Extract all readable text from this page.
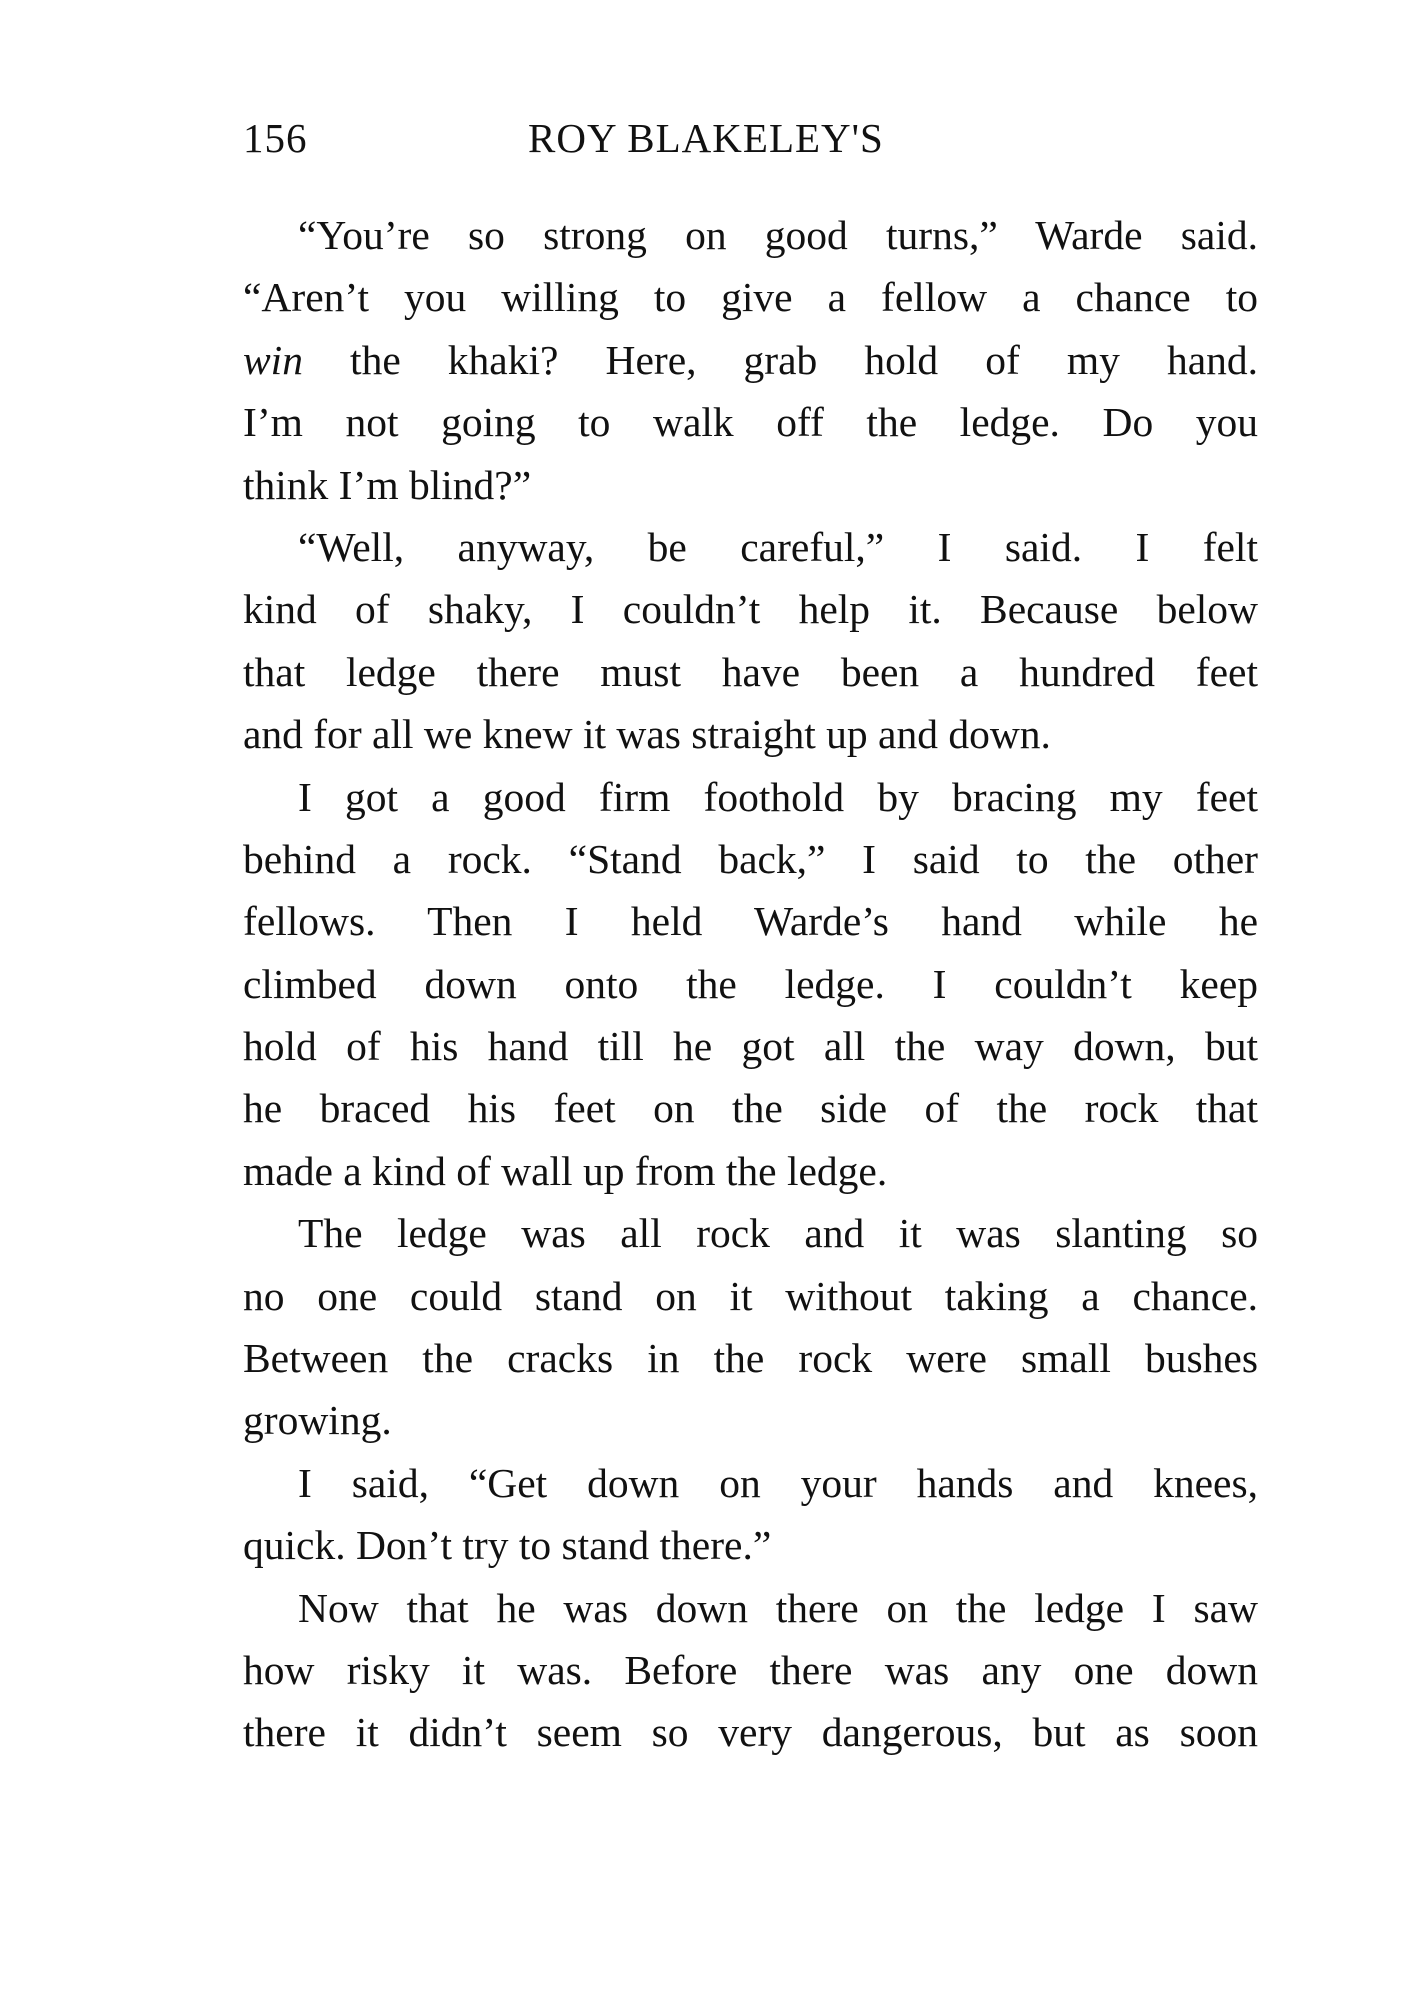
156	ROY BLAKELEY'S
“You’re so strong on good turns,” Warde said.
“Aren’t you willing to give a fellow a chance to
win the khaki? Here, grab hold of my hand.
I’m not going to walk off the ledge. Do you
think I’m blind?”
“Well, anyway, be careful,” I said. I felt
kind of shaky, I couldn’t help it. Because below
that ledge there must have been a hundred feet
and for all we knew it was straight up and down.
I got a good firm foothold by bracing my feet
behind a rock. “Stand back,” I said to the other
fellows. Then I held Warde’s hand while he
climbed down onto the ledge. I couldn’t keep
hold of his hand till he got all the way down, but
he braced his feet on the side of the rock that
made a kind of wall up from the ledge.
The ledge was all rock and it was slanting so
no one could stand on it without taking a chance.
Between the cracks in the rock were small bushes
growing.
I said, “Get down on your hands and knees,
quick. Don’t try to stand there.”
Now that he was down there on the ledge I saw
how risky it was. Before there was any one down
there it didn’t seem so very dangerous, but as soon
